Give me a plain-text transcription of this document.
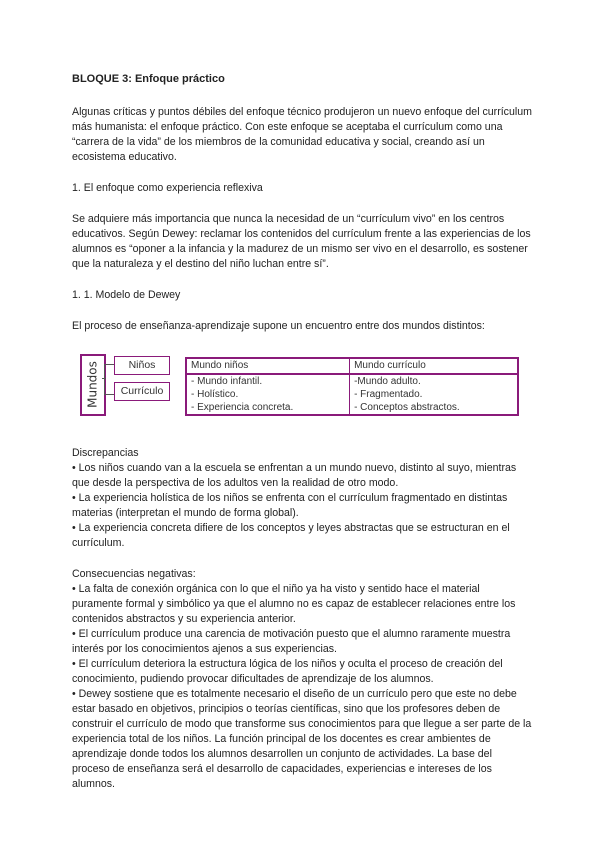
BLOQUE 3: Enfoque práctico

Algunas críticas y puntos débiles del enfoque técnico produjeron un nuevo enfoque del currículum más humanista: el enfoque práctico. Con este enfoque se aceptaba el currículum como una “carrera de la vida” de los miembros de la comunidad educativa y social, creando así un ecosistema educativo.

1. El enfoque como experiencia reflexiva

Se adquiere más importancia que nunca la necesidad de un “currículum vivo” en los centros educativos. Según Dewey: reclamar los contenidos del currículum frente a las experiencias de los alumnos es “oponer a la infancia y la madurez de un mismo ser vivo en el desarrollo, es sostener que la naturaleza y el destino del niño luchan entre sí”.

1. 1. Modelo de Dewey

El proceso de enseñanza-aprendizaje supone un encuentro entre dos mundos distintos:

Mundos	Niños
Currículo
Mundo niños	Mundo currículo
- Mundo infantil.	-Mundo adulto.
- Holístico.	- Fragmentado.
- Experiencia concreta.	- Conceptos abstractos.

Discrepancias

• Los niños cuando van a la escuela se enfrentan a un mundo nuevo, distinto al suyo, mientras que desde la perspectiva de los adultos ven la realidad de otro modo.

• La experiencia holística de los niños se enfrenta con el currículum fragmentado en distintas materias (interpretan el mundo de forma global).

• La experiencia concreta difiere de los conceptos y leyes abstractas que se estructuran en el currículum.

Consecuencias negativas:

• La falta de conexión orgánica con lo que el niño ya ha visto y sentido hace el material puramente formal y simbólico ya que el alumno no es capaz de establecer relaciones entre los contenidos abstractos y su experiencia anterior.

• El currículum produce una carencia de motivación puesto que el alumno raramente muestra interés por los conocimientos ajenos a sus experiencias.

• El currículum deteriora la estructura lógica de los niños y oculta el proceso de creación del conocimiento, pudiendo provocar dificultades de aprendizaje de los alumnos.

• Dewey sostiene que es totalmente necesario el diseño de un currículo pero que este no debe estar basado en objetivos, principios o teorías científicas, sino que los profesores deben de construir el currículo de modo que transforme sus conocimientos para que llegue a ser parte de la experiencia total de los niños. La función principal de los docentes es crear ambientes de aprendizaje donde todos los alumnos desarrollen un conjunto de actividades. La base del proceso de enseñanza será el desarrollo de capacidades, experiencias e intereses de los alumnos.
